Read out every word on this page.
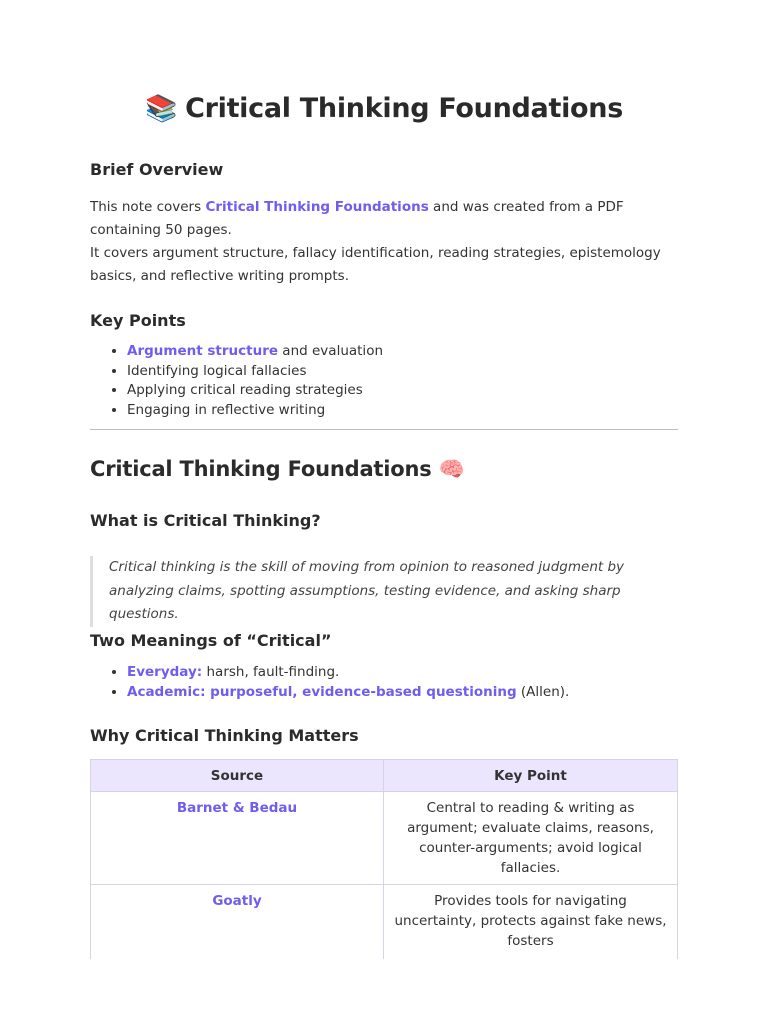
📚 Critical Thinking Foundations
Brief Overview
This note covers Critical Thinking Foundations and was created from a PDF containing 50 pages.
It covers argument structure, fallacy identification, reading strategies, epistemology basics, and reflective writing prompts.
Key Points
• Argument structure and evaluation
• Identifying logical fallacies
• Applying critical reading strategies
• Engaging in reflective writing
Critical Thinking Foundations 🧠
What is Critical Thinking?
Critical thinking is the skill of moving from opinion to reasoned judgment by analyzing claims, spotting assumptions, testing evidence, and asking sharp questions.
Two Meanings of “Critical”
• Everyday: harsh, fault-finding.
• Academic: purposeful, evidence-based questioning (Allen).
Why Critical Thinking Matters
Source	Key Point
Barnet & Bedau	Central to reading & writing as argument; evaluate claims, reasons, counter-arguments; avoid logical fallacies.
Goatly	Provides tools for navigating uncertainty, protects against fake news, fosters
